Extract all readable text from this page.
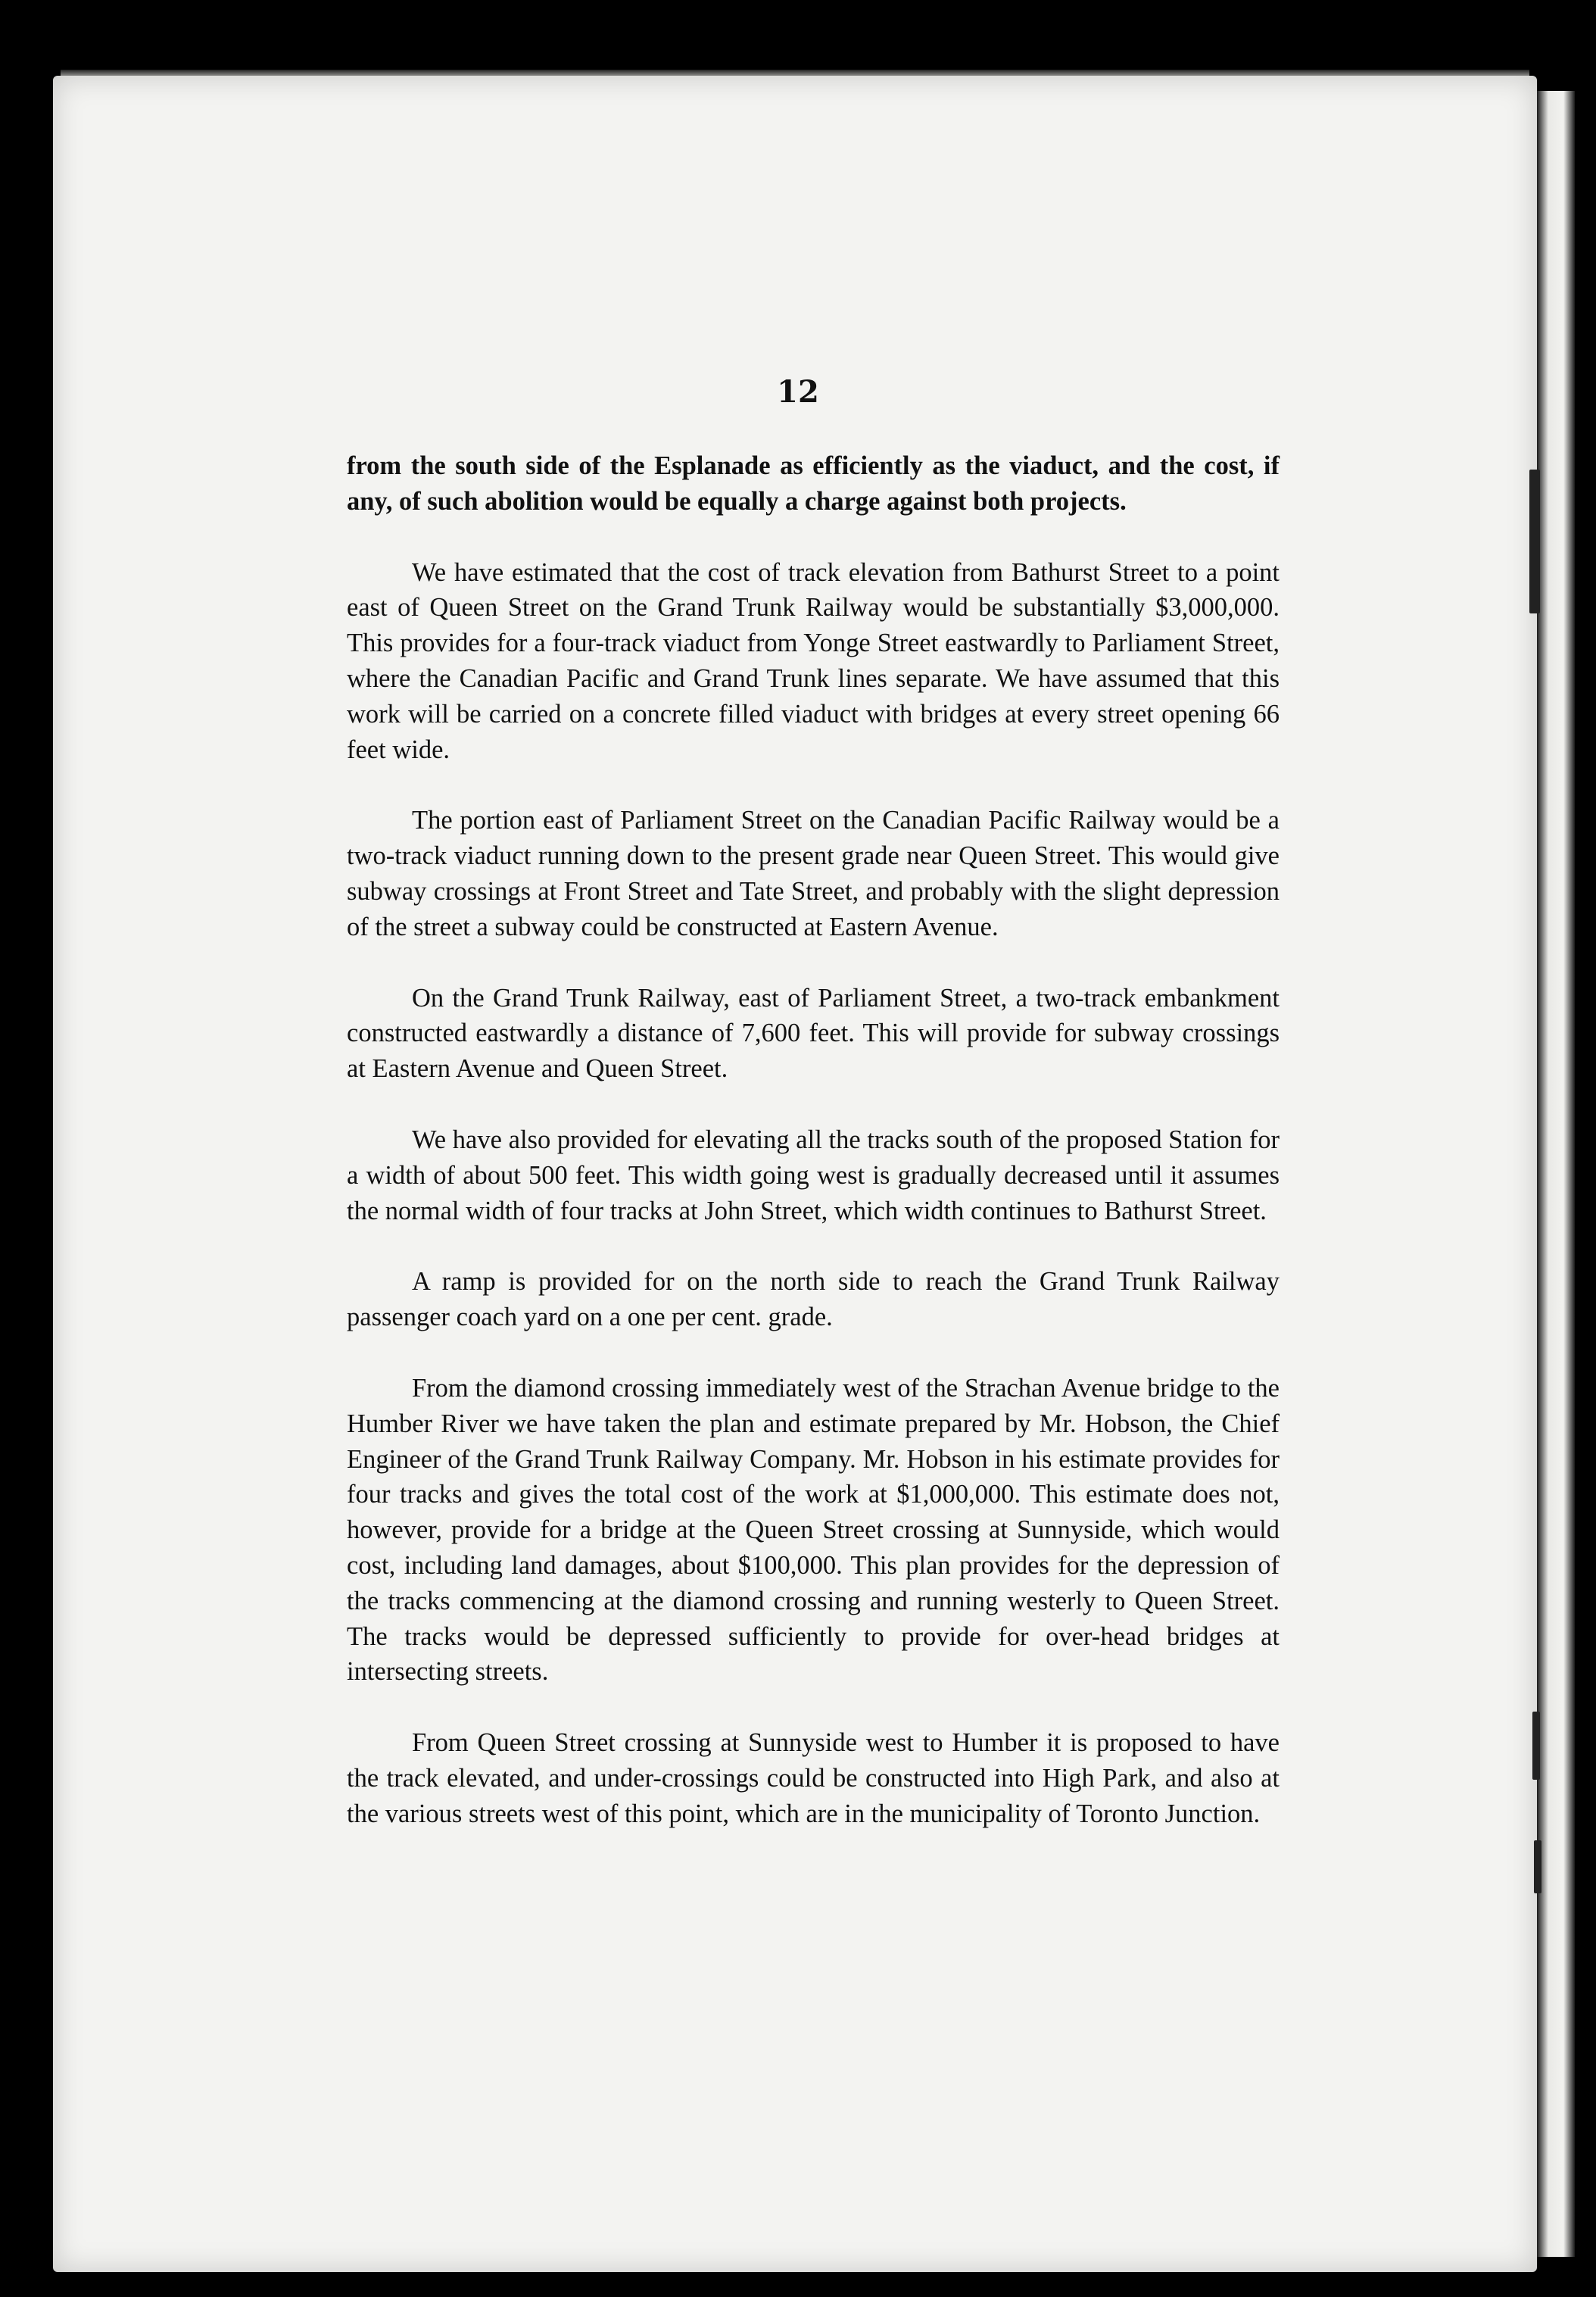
12

from the south side of the Esplanade as efficiently as the viaduct, and the cost, if any, of such abolition would be equally a charge against both projects.

We have estimated that the cost of track elevation from Bathurst Street to a point east of Queen Street on the Grand Trunk Railway would be substantially $3,000,000. This provides for a four-track viaduct from Yonge Street eastwardly to Parliament Street, where the Canadian Pacific and Grand Trunk lines separate. We have assumed that this work will be carried on a concrete filled viaduct with bridges at every street opening 66 feet wide.

The portion east of Parliament Street on the Canadian Pacific Railway would be a two-track viaduct running down to the present grade near Queen Street. This would give subway crossings at Front Street and Tate Street, and probably with the slight depression of the street a subway could be constructed at Eastern Avenue.

On the Grand Trunk Railway, east of Parliament Street, a two-track embankment constructed eastwardly a distance of 7,600 feet. This will provide for subway crossings at Eastern Avenue and Queen Street.

We have also provided for elevating all the tracks south of the proposed Station for a width of about 500 feet. This width going west is gradually decreased until it assumes the normal width of four tracks at John Street, which width continues to Bathurst Street.

A ramp is provided for on the north side to reach the Grand Trunk Railway passenger coach yard on a one per cent. grade.

From the diamond crossing immediately west of the Strachan Avenue bridge to the Humber River we have taken the plan and estimate prepared by Mr. Hobson, the Chief Engineer of the Grand Trunk Railway Company. Mr. Hobson in his estimate provides for four tracks and gives the total cost of the work at $1,000,000. This estimate does not, however, provide for a bridge at the Queen Street crossing at Sunnyside, which would cost, including land damages, about $100,000. This plan provides for the depression of the tracks commencing at the diamond crossing and running westerly to Queen Street. The tracks would be depressed sufficiently to provide for over-head bridges at intersecting streets.

From Queen Street crossing at Sunnyside west to Humber it is proposed to have the track elevated, and under-crossings could be constructed into High Park, and also at the various streets west of this point, which are in the municipality of Toronto Junction.
